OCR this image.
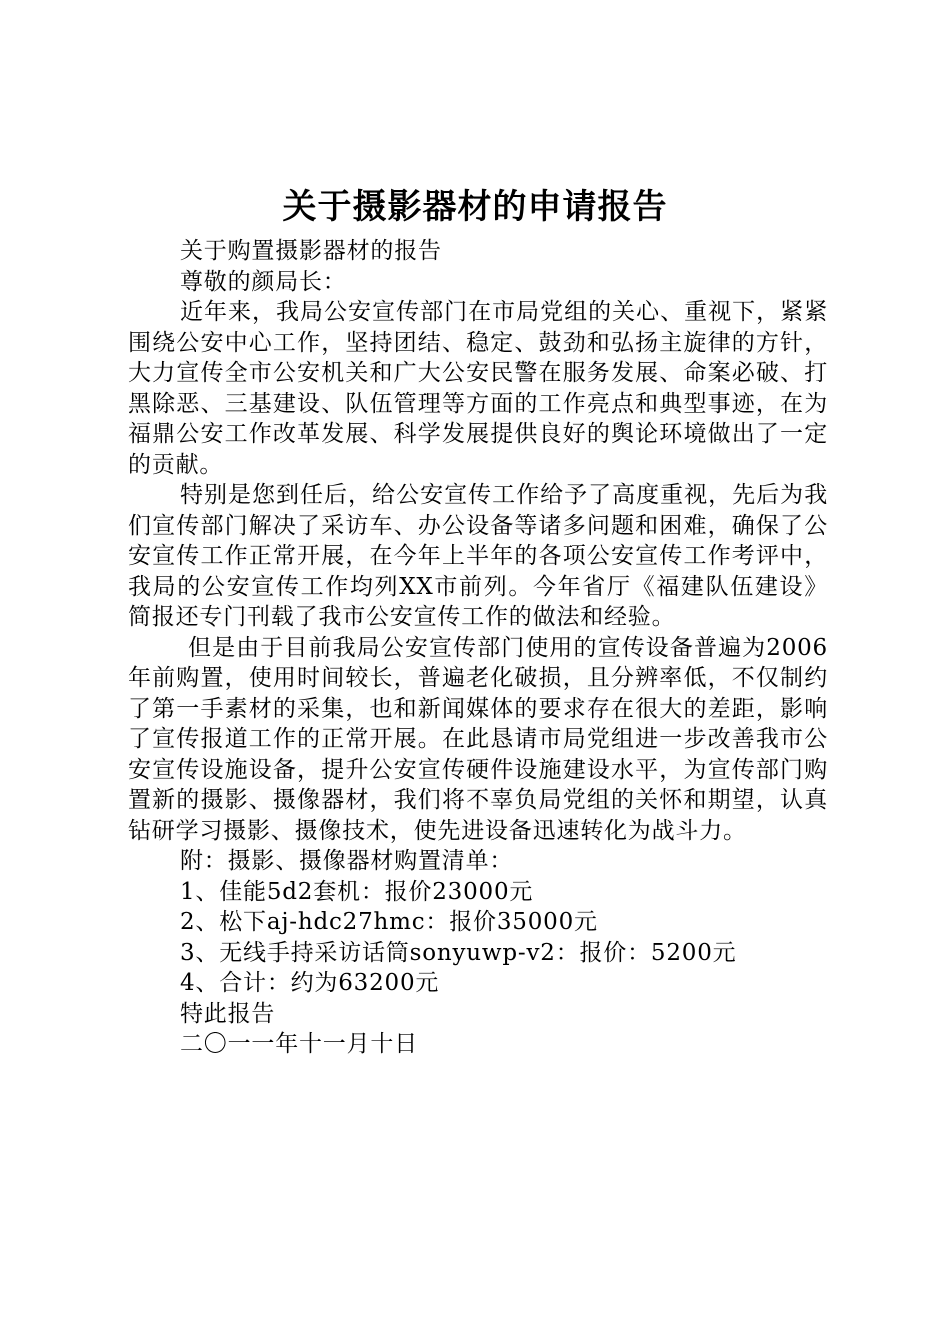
关于摄影器材的申请报告

关于购置摄影器材的报告

尊敬的颜局长：

近年来，我局公安宣传部门在市局党组的关心、重视下，紧紧围绕公安中心工作，坚持团结、稳定、鼓劲和弘扬主旋律的方针，大力宣传全市公安机关和广大公安民警在服务发展、命案必破、打黑除恶、三基建设、队伍管理等方面的工作亮点和典型事迹，在为福鼎公安工作改革发展、科学发展提供良好的舆论环境做出了一定的贡献。

特别是您到任后，给公安宣传工作给予了高度重视，先后为我们宣传部门解决了采访车、办公设备等诸多问题和困难，确保了公安宣传工作正常开展，在今年上半年的各项公安宣传工作考评中，我局的公安宣传工作均列XX市前列。今年省厅《福建队伍建设》简报还专门刊载了我市公安宣传工作的做法和经验。

但是由于目前我局公安宣传部门使用的宣传设备普遍为2006年前购置，使用时间较长，普遍老化破损，且分辨率低，不仅制约了第一手素材的采集，也和新闻媒体的要求存在很大的差距，影响了宣传报道工作的正常开展。在此恳请市局党组进一步改善我市公安宣传设施设备，提升公安宣传硬件设施建设水平，为宣传部门购置新的摄影、摄像器材，我们将不辜负局党组的关怀和期望，认真钻研学习摄影、摄像技术，使先进设备迅速转化为战斗力。

附：摄影、摄像器材购置清单：

1、佳能5d2套机：报价23000元

2、松下aj-hdc27hmc：报价35000元

3、无线手持采访话筒sonyuwp-v2：报价：5200元

4、合计：约为63200元

特此报告

二〇一一年十一月十日
